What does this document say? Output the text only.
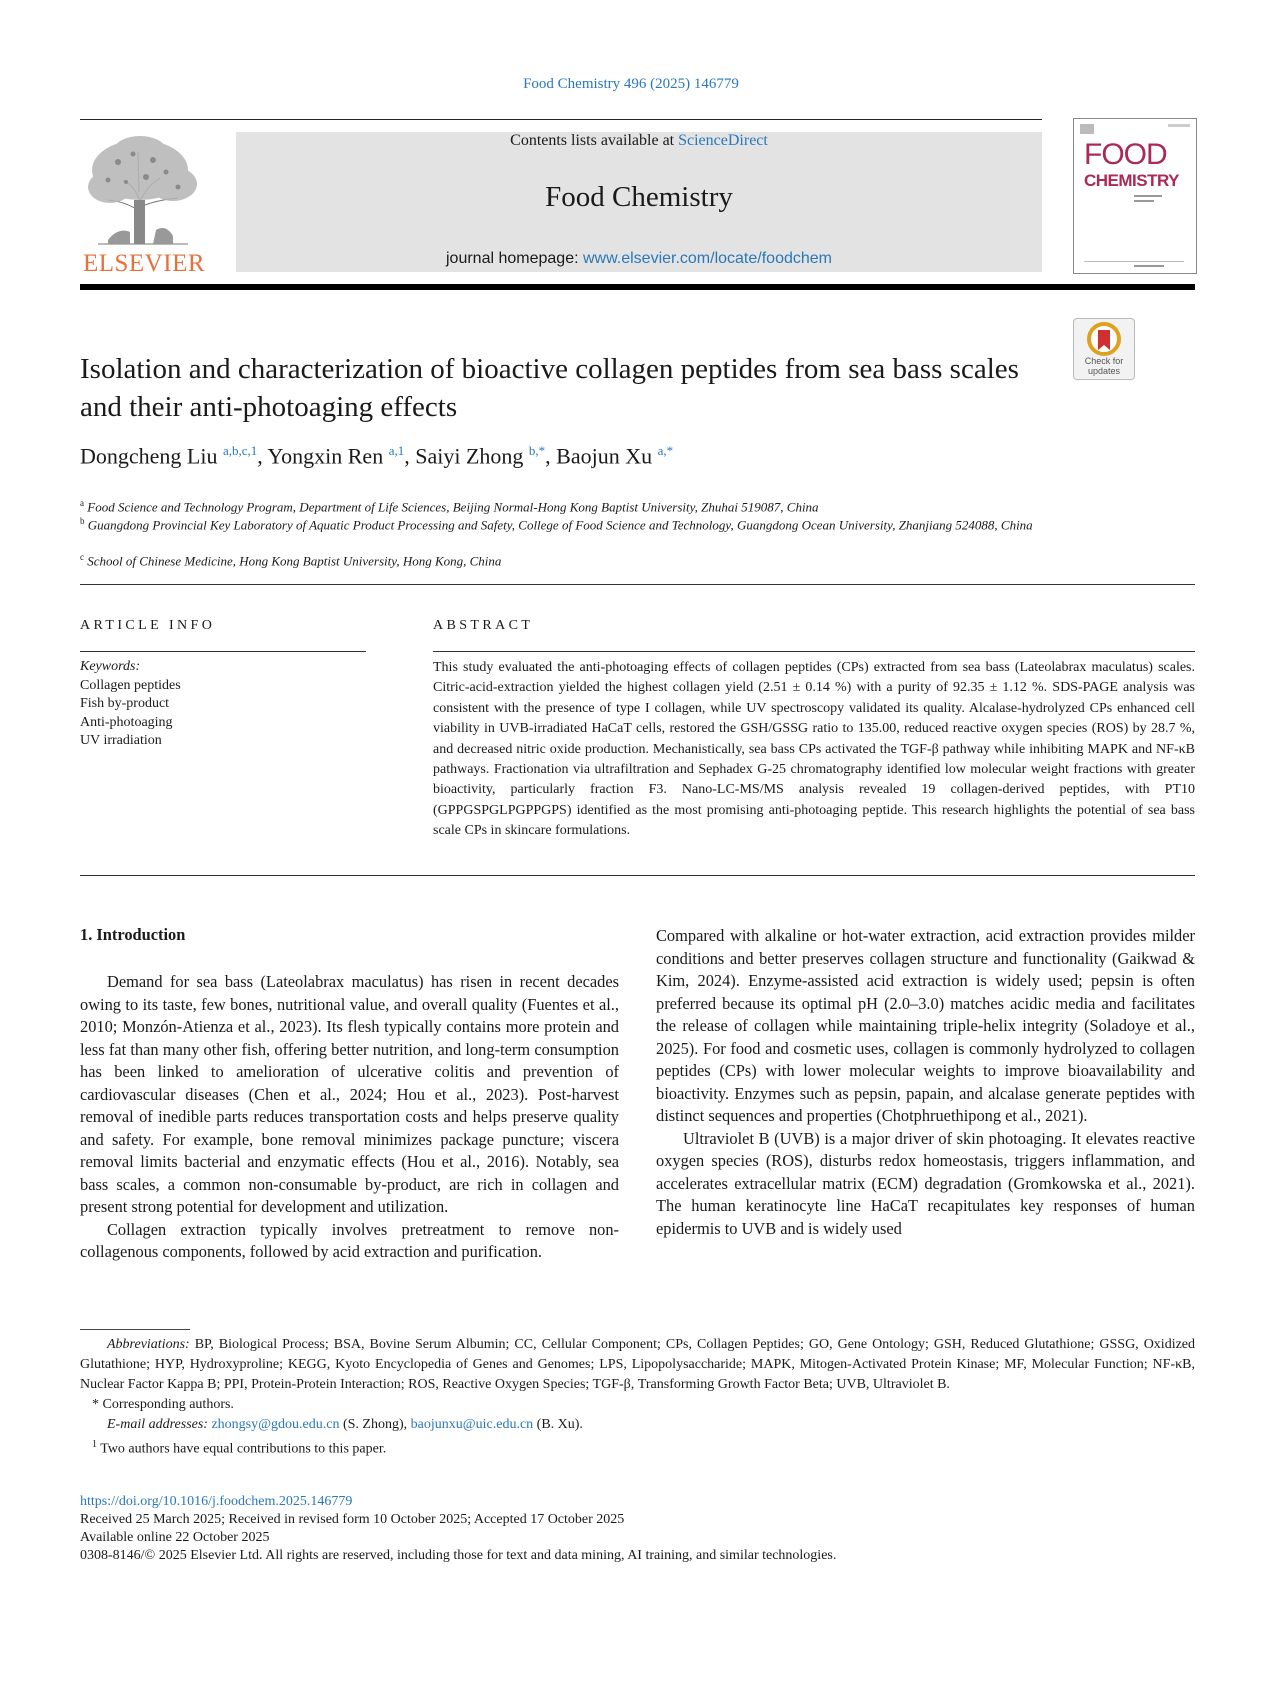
Food Chemistry 496 (2025) 146779
ELSEVIER
Contents lists available at ScienceDirect
Food Chemistry
journal homepage: www.elsevier.com/locate/foodchem
FOOD
CHEMISTRY
Check for
updates
Isolation and characterization of bioactive collagen peptides from sea bass scales and their anti-photoaging effects
Dongcheng Liu $^{a,b,c,1}$, Yongxin Ren $^{a,1}$, Saiyi Zhong $^{b,*}$, Baojun Xu $^{a,*}$
$^a$ Food Science and Technology Program, Department of Life Sciences, Beijing Normal-Hong Kong Baptist University, Zhuhai 519087, China
$^b$ Guangdong Provincial Key Laboratory of Aquatic Product Processing and Safety, College of Food Science and Technology, Guangdong Ocean University, Zhanjiang 524088, China
$^c$ School of Chinese Medicine, Hong Kong Baptist University, Hong Kong, China
ARTICLE INFO
Keywords:
Collagen peptides
Fish by-product
Anti-photoaging
UV irradiation
ABSTRACT
This study evaluated the anti-photoaging effects of collagen peptides (CPs) extracted from sea bass (Lateolabrax maculatus) scales. Citric-acid-extraction yielded the highest collagen yield (2.51 ± 0.14 %) with a purity of 92.35 ± 1.12 %. SDS-PAGE analysis was consistent with the presence of type I collagen, while UV spectroscopy validated its quality. Alcalase-hydrolyzed CPs enhanced cell viability in UVB-irradiated HaCaT cells, restored the GSH/GSSG ratio to 135.00, reduced reactive oxygen species (ROS) by 28.7 %, and decreased nitric oxide production. Mechanistically, sea bass CPs activated the TGF-β pathway while inhibiting MAPK and NF-κB pathways. Fractionation via ultrafiltration and Sephadex G-25 chromatography identified low molecular weight fractions with greater bioactivity, particularly fraction F3. Nano-LC-MS/MS analysis revealed 19 collagen-derived peptides, with PT10 (GPPGSPGLPGPPGPS) identified as the most promising anti-photoaging peptide. This research highlights the potential of sea bass scale CPs in skincare formulations.
1. Introduction

Demand for sea bass (Lateolabrax maculatus) has risen in recent decades owing to its taste, few bones, nutritional value, and overall quality (Fuentes et al., 2010; Monzón-Atienza et al., 2023). Its flesh typically contains more protein and less fat than many other fish, offering better nutrition, and long-term consumption has been linked to amelioration of ulcerative colitis and prevention of cardiovascular diseases (Chen et al., 2024; Hou et al., 2023). Post-harvest removal of inedible parts reduces transportation costs and helps preserve quality and safety. For example, bone removal minimizes package puncture; viscera removal limits bacterial and enzymatic effects (Hou et al., 2016). Notably, sea bass scales, a common non-consumable by-product, are rich in collagen and present strong potential for development and utilization.

Collagen extraction typically involves pretreatment to remove non-collagenous components, followed by acid extraction and purification.

Compared with alkaline or hot-water extraction, acid extraction provides milder conditions and better preserves collagen structure and functionality (Gaikwad & Kim, 2024). Enzyme-assisted acid extraction is widely used; pepsin is often preferred because its optimal pH (2.0–3.0) matches acidic media and facilitates the release of collagen while maintaining triple-helix integrity (Soladoye et al., 2025). For food and cosmetic uses, collagen is commonly hydrolyzed to collagen peptides (CPs) with lower molecular weights to improve bioavailability and bioactivity. Enzymes such as pepsin, papain, and alcalase generate peptides with distinct sequences and properties (Chotphruethipong et al., 2021).

Ultraviolet B (UVB) is a major driver of skin photoaging. It elevates reactive oxygen species (ROS), disturbs redox homeostasis, triggers inflammation, and accelerates extracellular matrix (ECM) degradation (Gromkowska et al., 2021). The human keratinocyte line HaCaT recapitulates key responses of human epidermis to UVB and is widely used

Abbreviations: BP, Biological Process; BSA, Bovine Serum Albumin; CC, Cellular Component; CPs, Collagen Peptides; GO, Gene Ontology; GSH, Reduced Glutathione; GSSG, Oxidized Glutathione; HYP, Hydroxyproline; KEGG, Kyoto Encyclopedia of Genes and Genomes; LPS, Lipopolysaccharide; MAPK, Mitogen-Activated Protein Kinase; MF, Molecular Function; NF-κB, Nuclear Factor Kappa B; PPI, Protein-Protein Interaction; ROS, Reactive Oxygen Species; TGF-β, Transforming Growth Factor Beta; UVB, Ultraviolet B.

* Corresponding authors.

E-mail addresses: zhongsy@gdou.edu.cn (S. Zhong), baojunxu@uic.edu.cn (B. Xu).

$^1$ Two authors have equal contributions to this paper.

https://doi.org/10.1016/j.foodchem.2025.146779

Received 25 March 2025; Received in revised form 10 October 2025; Accepted 17 October 2025

Available online 22 October 2025

0308-8146/© 2025 Elsevier Ltd. All rights are reserved, including those for text and data mining, AI training, and similar technologies.
